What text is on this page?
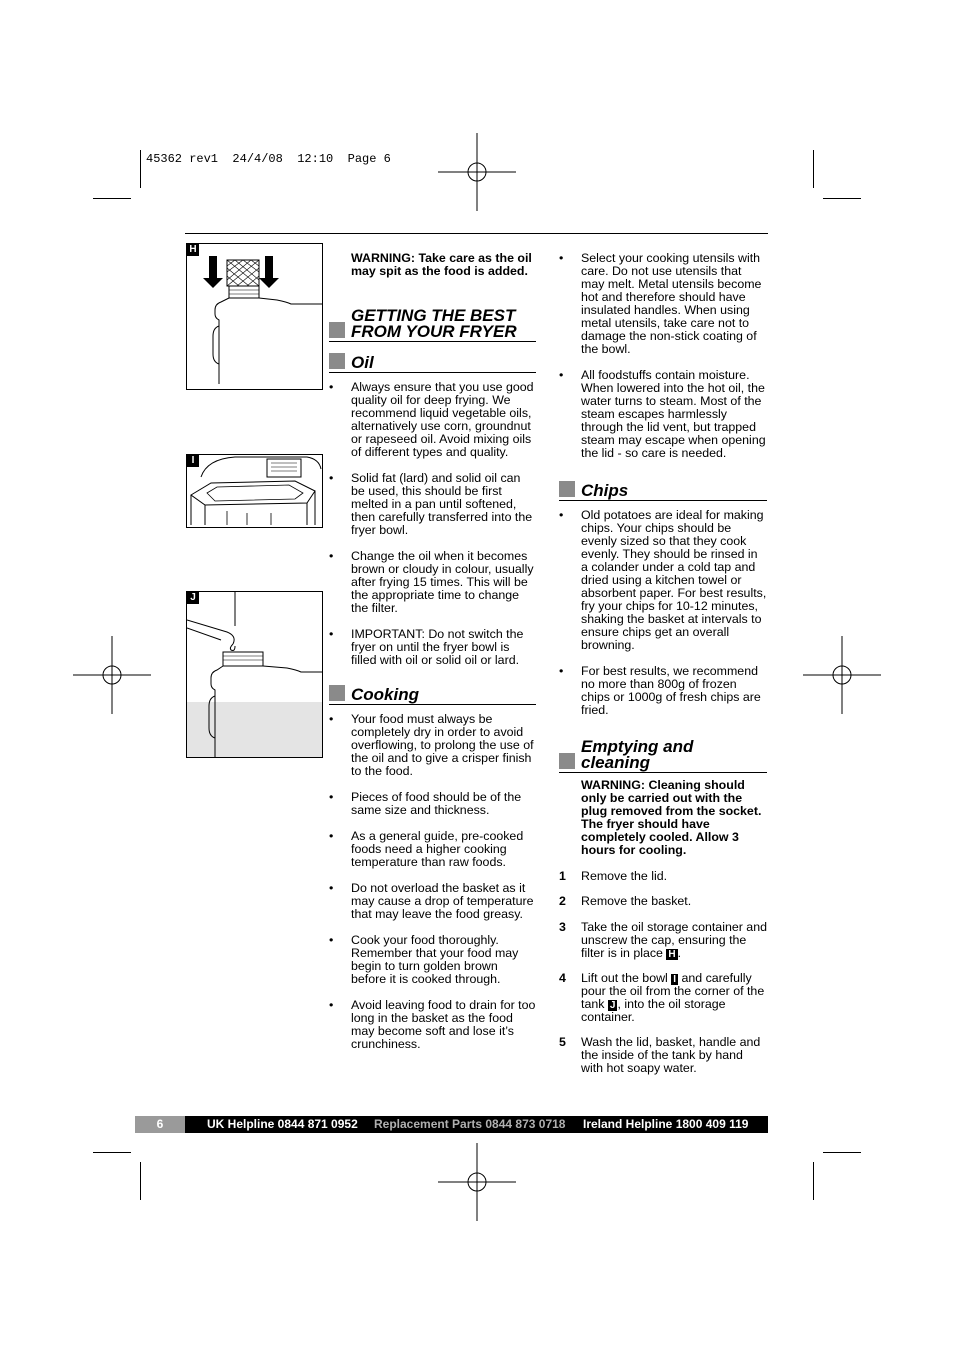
45362 rev1  24/4/08  12:10  Page 6
H
I
J

WARNING: Take care as the oil may spit as the food is added.

GETTING THE BEST
FROM YOUR FRYER
Oil

• Always ensure that you use good quality oil for deep frying. We recommend liquid vegetable oils, alternatively use corn, groundnut or rapeseed oil. Avoid mixing oils of different types and quality.

• Solid fat (lard) and solid oil can be used, this should be first melted in a pan until softened, then carefully transferred into the fryer bowl.

• Change the oil when it becomes brown or cloudy in colour, usually after frying 15 times. This will be the appropriate time to change the filter.

• IMPORTANT: Do not switch the fryer on until the fryer bowl is filled with oil or solid oil or lard.

Cooking

• Your food must always be completely dry in order to avoid overflowing, to prolong the use of the oil and to give a crisper finish to the food.

• Pieces of food should be of the same size and thickness.

• As a general guide, pre-cooked foods need a higher cooking temperature than raw foods.

• Do not overload the basket as it may cause a drop of temperature that may leave the food greasy.

• Cook your food thoroughly. Remember that your food may begin to turn golden brown before it is cooked through.

• Avoid leaving food to drain for too long in the basket as the food may become soft and lose it’s crunchiness.

• Select your cooking utensils with care. Do not use utensils that may melt. Metal utensils become hot and therefore should have insulated handles. When using metal utensils, take care not to damage the non-stick coating of the bowl.

• All foodstuffs contain moisture. When lowered into the hot oil, the water turns to steam. Most of the steam escapes harmlessly through the lid vent, but trapped steam may escape when opening the lid - so care is needed.

Chips

• Old potatoes are ideal for making chips. Your chips should be evenly sized so that they cook evenly. They should be rinsed in a colander under a cold tap and dried using a kitchen towel or absorbent paper. For best results, fry your chips for 10-12 minutes, shaking the basket at intervals to ensure chips get an overall browning.

• For best results, we recommend no more than 800g of frozen chips or 1000g of fresh chips are fried.

Emptying and
cleaning

WARNING: Cleaning should only be carried out with the plug removed from the socket. The fryer should have completely cooled. Allow 3 hours for cooling.

1 Remove the lid.

2 Remove the basket.

3 Take the oil storage container and unscrew the cap, ensuring the filter is in place H .

4 Lift out the bowl I and carefully pour the oil from the corner of the tank J , into the oil storage container.

5 Wash the lid, basket, handle and the inside of the tank by hand with hot soapy water.

6	UK Helpline 0844 871 0952 Replacement Parts 0844 873 0718 Ireland Helpline 1800 409 119
